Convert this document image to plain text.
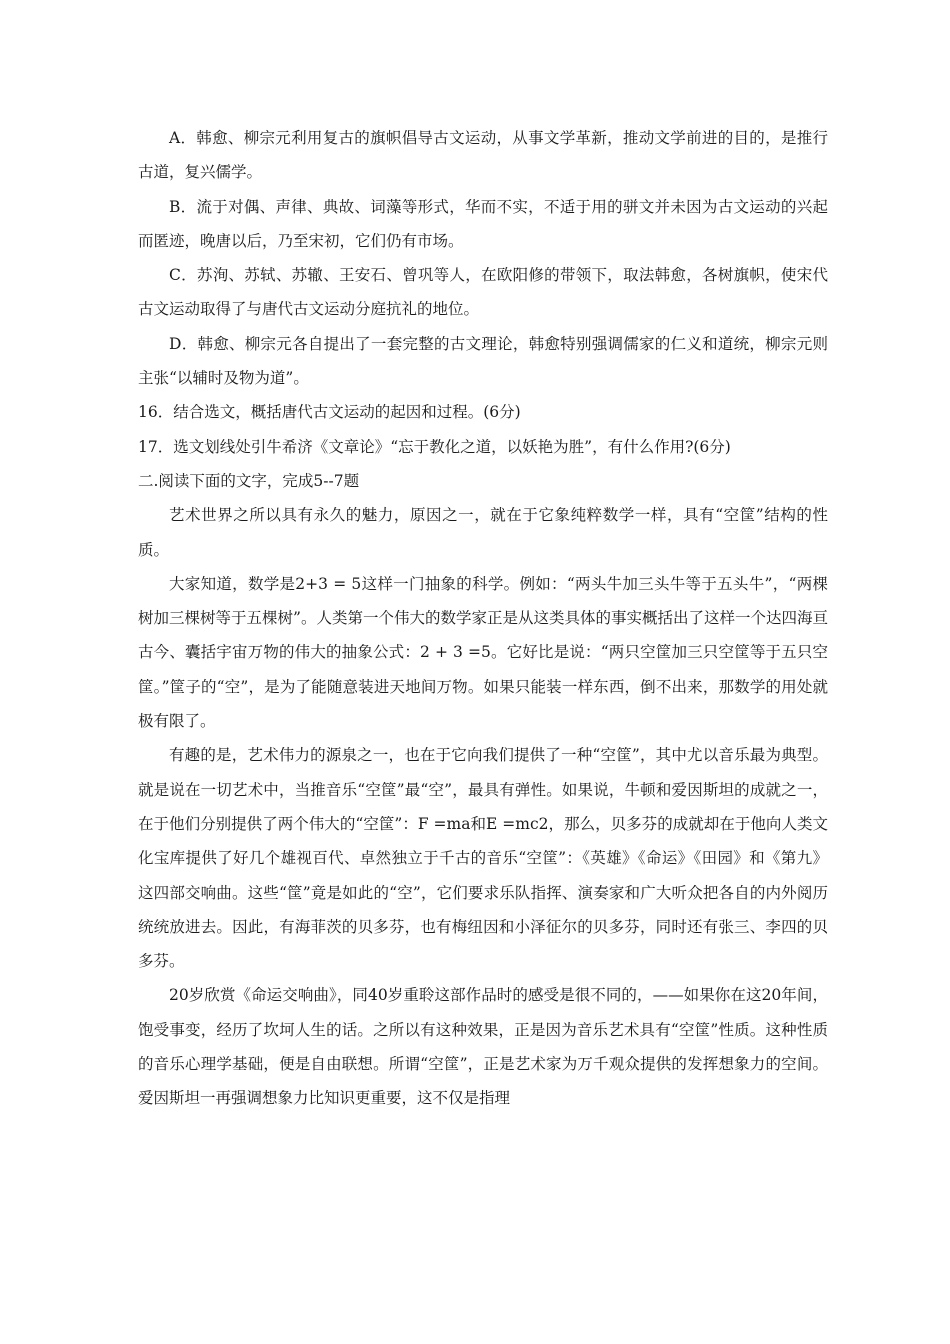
A．韩愈、柳宗元利用复古的旗帜倡导古文运动，从事文学革新，推动文学前进的目的，是推行古道，复兴儒学。

B．流于对偶、声律、典故、词藻等形式，华而不实，不适于用的骈文并未因为古文运动的兴起而匿迹，晚唐以后，乃至宋初，它们仍有市场。

C．苏洵、苏轼、苏辙、王安石、曾巩等人，在欧阳修的带领下，取法韩愈，各树旗帜，使宋代古文运动取得了与唐代古文运动分庭抗礼的地位。

D．韩愈、柳宗元各自提出了一套完整的古文理论，韩愈特别强调儒家的仁义和道统，柳宗元则主张“以辅时及物为道”。

16．结合选文，概括唐代古文运动的起因和过程。(6分)

17．选文划线处引牛希济《文章论》“忘于教化之道，以妖艳为胜”，有什么作用?(6分)

二.阅读下面的文字，完成5--7题

艺术世界之所以具有永久的魅力，原因之一，就在于它象纯粹数学一样，具有“空筐”结构的性质。

大家知道，数学是2+3 = 5这样一门抽象的科学。例如：“两头牛加三头牛等于五头牛”，“两棵树加三棵树等于五棵树”。人类第一个伟大的数学家正是从这类具体的事实概括出了这样一个达四海亘古今、囊括宇宙万物的伟大的抽象公式：2 + 3 =5。它好比是说：“两只空筐加三只空筐等于五只空筐。”筐子的“空”，是为了能随意装进天地间万物。如果只能装一样东西，倒不出来，那数学的用处就极有限了。

有趣的是，艺术伟力的源泉之一，也在于它向我们提供了一种“空筐”，其中尤以音乐最为典型。就是说在一切艺术中，当推音乐“空筐”最“空”，最具有弹性。如果说，牛顿和爱因斯坦的成就之一，在于他们分别提供了两个伟大的“空筐”：F =ma和E =mc2，那么，贝多芬的成就却在于他向人类文化宝库提供了好几个雄视百代、卓然独立于千古的音乐“空筐”：《英雄》《命运》《田园》和《第九》这四部交响曲。这些“筐”竟是如此的“空”，它们要求乐队指挥、演奏家和广大听众把各自的内外阅历统统放进去。因此，有海菲茨的贝多芬，也有梅纽因和小泽征尔的贝多芬，同时还有张三、李四的贝多芬。

20岁欣赏《命运交响曲》，同40岁重聆这部作品时的感受是很不同的，——如果你在这20年间，饱受事变，经历了坎坷人生的话。之所以有这种效果，正是因为音乐艺术具有“空筐”性质。这种性质的音乐心理学基础，便是自由联想。所谓“空筐”，正是艺术家为万千观众提供的发挥想象力的空间。爱因斯坦一再强调想象力比知识更重要，这不仅是指理
